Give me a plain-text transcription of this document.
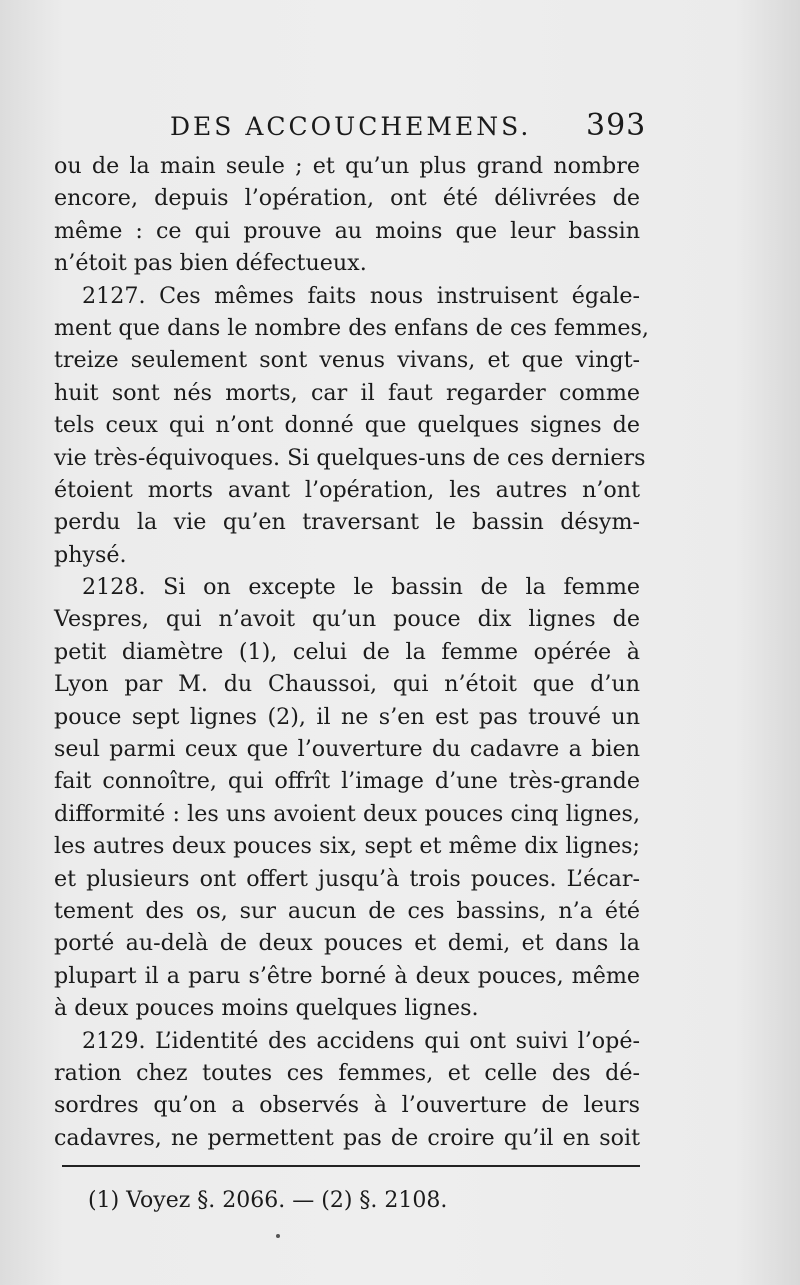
DES ACCOUCHEMENS. 393
ou de la main seule ; et qu’un plus grand nombre
encore, depuis l’opération, ont été délivrées de
même : ce qui prouve au moins que leur bassin
n’étoit pas bien défectueux.
2127. Ces mêmes faits nous instruisent égale-
ment que dans le nombre des enfans de ces femmes,
treize seulement sont venus vivans, et que vingt-
huit sont nés morts, car il faut regarder comme
tels ceux qui n’ont donné que quelques signes de
vie très-équivoques. Si quelques-uns de ces derniers
étoient morts avant l’opération, les autres n’ont
perdu la vie qu’en traversant le bassin désym-
physé.
2128. Si on excepte le bassin de la femme
Vespres, qui n’avoit qu’un pouce dix lignes de
petit diamètre (1), celui de la femme opérée à
Lyon par M. du Chaussoi, qui n’étoit que d’un
pouce sept lignes (2), il ne s’en est pas trouvé un
seul parmi ceux que l’ouverture du cadavre a bien
fait connoître, qui offrît l’image d’une très-grande
difformité : les uns avoient deux pouces cinq lignes,
les autres deux pouces six, sept et même dix lignes;
et plusieurs ont offert jusqu’à trois pouces. L’écar-
tement des os, sur aucun de ces bassins, n’a été
porté au-delà de deux pouces et demi, et dans la
plupart il a paru s’être borné à deux pouces, même
à deux pouces moins quelques lignes.
2129. L’identité des accidens qui ont suivi l’opé-
ration chez toutes ces femmes, et celle des dé-
sordres qu’on a observés à l’ouverture de leurs
cadavres, ne permettent pas de croire qu’il en soit
(1) Voyez §. 2066. — (2) §. 2108.
